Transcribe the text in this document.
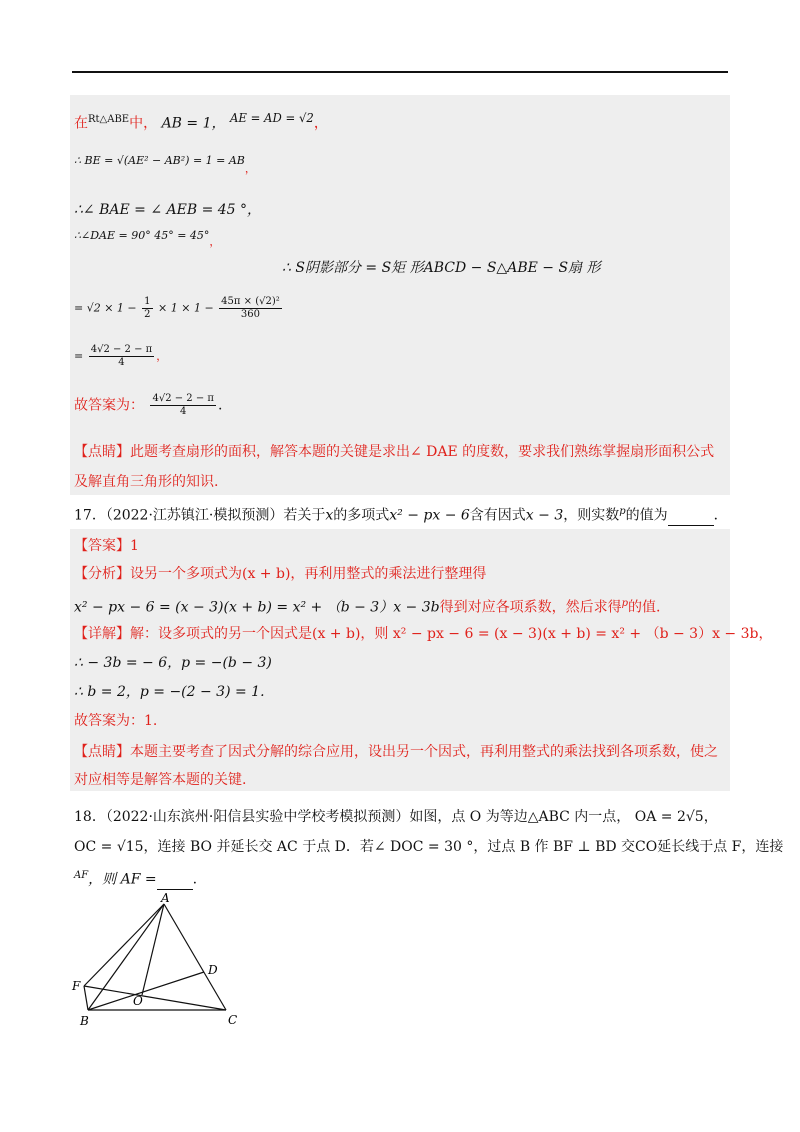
在$^{Rt\triangle ABE}$中， AB = 1， $^{AE = AD = √2}$，
∴ BE = √(AE² − AB²) = 1 = AB，
∴∠ BAE = ∠ AEB = 45 °，
∴∠DAE = 90° 45° = 45°，
∴ S阴影部分 = S矩 形ABCD − S△ABE − S扇 形
= $√2 \times 1 - \frac{1}{2} \times 1 \times 1 - \frac{\text{45π × (√2)²}}{360}$
= $\frac{4√2 - 2 - \pi}{4}$ ，
故答案为： $\frac{4√2 - 2 - \pi}{4}$ .
【点睛】此题考查扇形的面积，解答本题的关键是求出∠ DAE 的度数，要求我们熟练掌握扇形面积公式
及解直角三角形的知识.
17．（2022·江苏镇江·模拟预测）若关于x的多项式x² − px − 6含有因式x − 3，则实数$^p$的值为	．
【答案】1
【分析】设另一个多项式为(x + b)，再利用整式的乘法进行整理得
x² − px − 6 = (x − 3)(x + b) = x² + （b − 3）x − 3b得到对应各项系数，然后求得$^p$的值.
【详解】解：设多项式的另一个因式是(x + b)，则 x² − px − 6 = (x − 3)(x + b) = x² + （b − 3）x − 3b，
∴ − 3b = − 6，p = −(b − 3)
∴ b = 2，p = −(2 − 3) = 1.
故答案为：1.
【点睛】本题主要考查了因式分解的综合应用，设出另一个因式，再利用整式的乘法找到各项系数，使之
对应相等是解答本题的关键.
18．（2022·山东滨州·阳信县实验中学校考模拟预测）如图，点 O 为等边△ABC 内一点， OA = 2√5，
OC = √15，连接 BO 并延长交 AC 于点 D．若∠ DOC = 30 °，过点 B 作 BF ⊥ BD 交CO延长线于点 F，连接
$^{AF}$，则 AF =	.
A
B	C
D
F
O
